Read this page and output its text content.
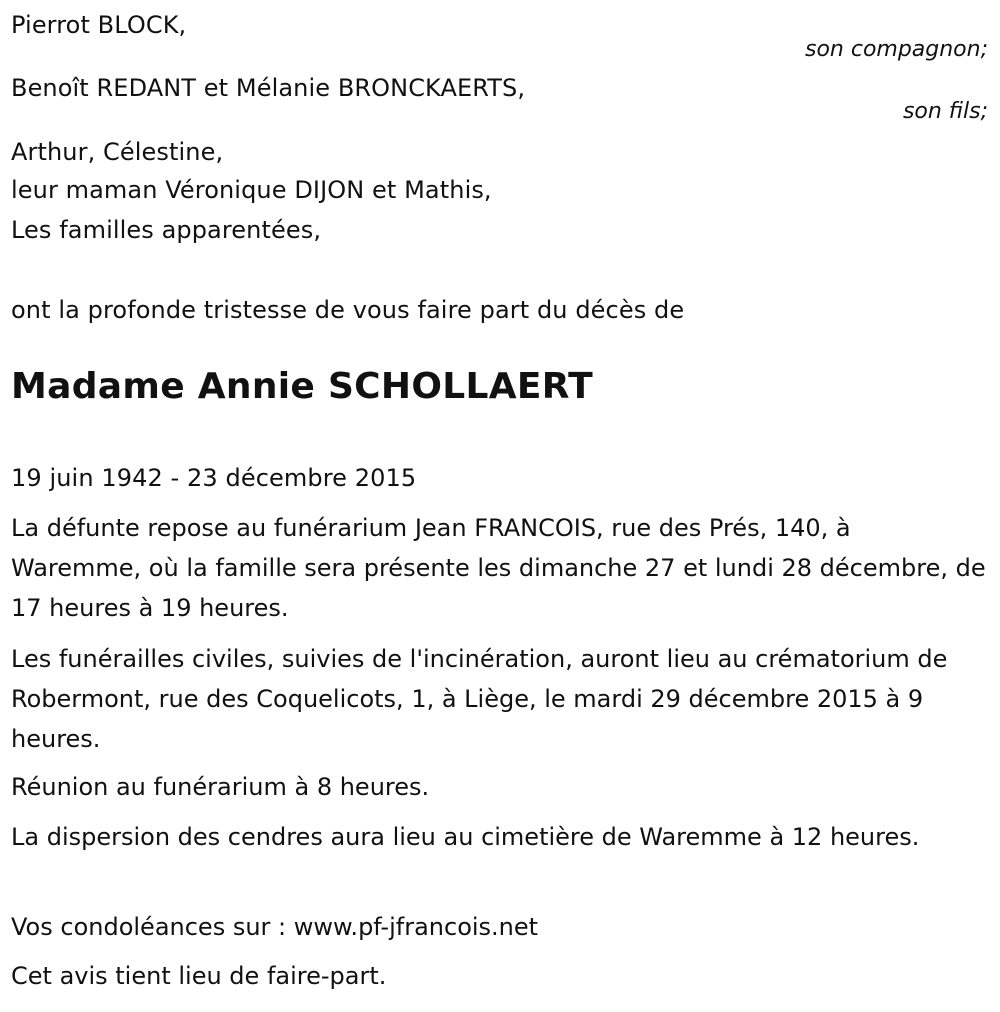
Pierrot BLOCK,
son compagnon;
Benoît REDANT et Mélanie BRONCKAERTS,
son fils;
Arthur, Célestine,
leur maman Véronique DIJON et Mathis,
Les familles apparentées,
ont la profonde tristesse de vous faire part du décès de
Madame Annie SCHOLLAERT
19 juin 1942 - 23 décembre 2015
La défunte repose au funérarium Jean FRANCOIS, rue des Prés, 140, à Waremme, où la famille sera présente les dimanche 27 et lundi 28 décembre, de 17 heures à 19 heures.
Les funérailles civiles, suivies de l'incinération, auront lieu au crématorium de Robermont, rue des Coquelicots, 1, à Liège, le mardi 29 décembre 2015 à 9 heures.
Réunion au funérarium à 8 heures.
La dispersion des cendres aura lieu au cimetière de Waremme à 12 heures.
Vos condoléances sur : www.pf-jfrancois.net
Cet avis tient lieu de faire-part.
